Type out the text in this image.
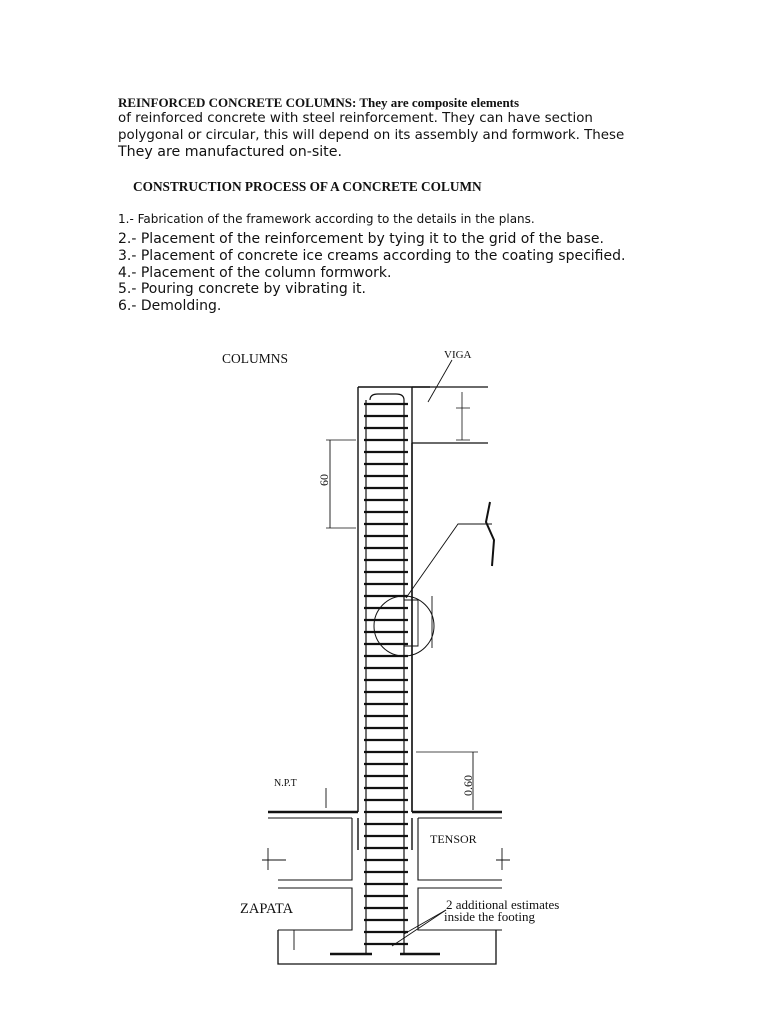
REINFORCED CONCRETE COLUMNS: They are composite elements
of reinforced concrete with steel reinforcement. They can have section
polygonal or circular, this will depend on its assembly and formwork. These
They are manufactured on-site.
CONSTRUCTION PROCESS OF A CONCRETE COLUMN
1.- Fabrication of the framework according to the details in the plans.
2.- Placement of the reinforcement by tying it to the grid of the base.
3.- Placement of concrete ice creams according to the coating specified.
4.- Placement of the column formwork.
5.- Pouring concrete by vibrating it.
6.- Demolding.
COLUMNS	VIGA
60
0.60
N.P.T
TENSOR
ZAPATA	2 additional estimates
inside the footing
